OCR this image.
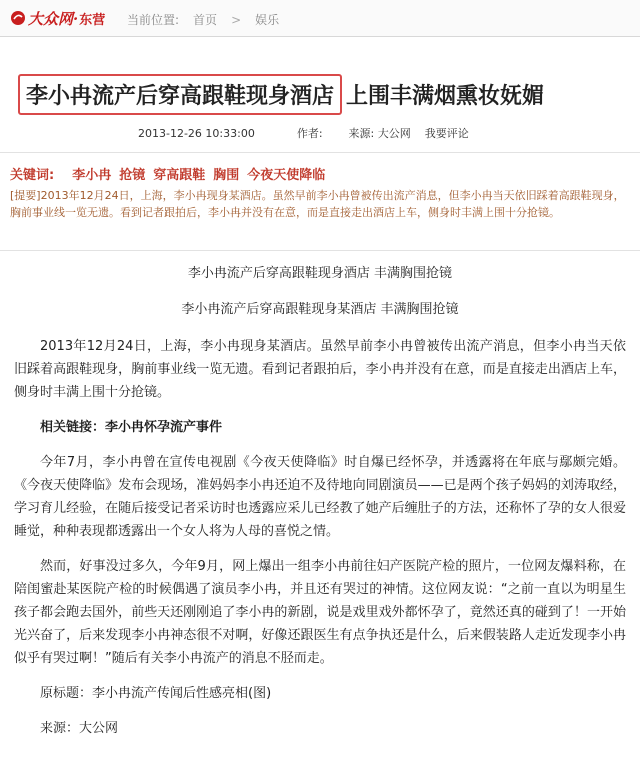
大众网· 东营 当前位置: 首页 > 娱乐
李小冉流产后穿高跟鞋现身酒店 上围丰满烟熏妆妩媚
2013-12-26 10:33:00	作者: 来源: 大公网 我要评论
关键词: 李小冉 抢镜 穿高跟鞋 胸围 今夜天使降临
[提要]2013年12月24日，上海，李小冉现身某酒店。虽然早前李小冉曾被传出流产消息，但李小冉当天依旧踩着高跟鞋现身，胸前事业线一览无遗。看到记者跟拍后，李小冉并没有在意，而是直接走出酒店上车，侧身时丰满上围十分抢镜。
李小冉流产后穿高跟鞋现身酒店 丰满胸围抢镜
李小冉流产后穿高跟鞋现身某酒店 丰满胸围抢镜

2013年12月24日，上海，李小冉现身某酒店。虽然早前李小冉曾被传出流产消息，但李小冉当天依旧踩着高跟鞋现身，胸前事业线一览无遗。看到记者跟拍后，李小冉并没有在意，而是直接走出酒店上车，侧身时丰满上围十分抢镜。

相关链接：李小冉怀孕流产事件

今年7月，李小冉曾在宣传电视剧《今夜天使降临》时自爆已经怀孕，并透露将在年底与鄢颇完婚。《今夜天使降临》发布会现场，准妈妈李小冉还迫不及待地向同剧演员——已是两个孩子妈妈的刘涛取经，学习育儿经验，在随后接受记者采访时也透露应采儿已经教了她产后缠肚子的方法，还称怀了孕的女人很爱睡觉，种种表现都透露出一个女人将为人母的喜悦之情。

然而，好事没过多久，今年9月，网上爆出一组李小冉前往妇产医院产检的照片，一位网友爆料称，在陪闺蜜赴某医院产检的时候偶遇了演员李小冉，并且还有哭过的神情。这位网友说：“之前一直以为明星生孩子都会跑去国外，前些天还刚刚追了李小冉的新剧，说是戏里戏外都怀孕了，竟然还真的碰到了！一开始光兴奋了，后来发现李小冉神态很不对啊，好像还跟医生有点争执还是什么，后来假装路人走近发现李小冉似乎有哭过啊！”随后有关李小冉流产的消息不胫而走。

原标题：李小冉流产传闻后性感亮相(图)

来源：大公网
